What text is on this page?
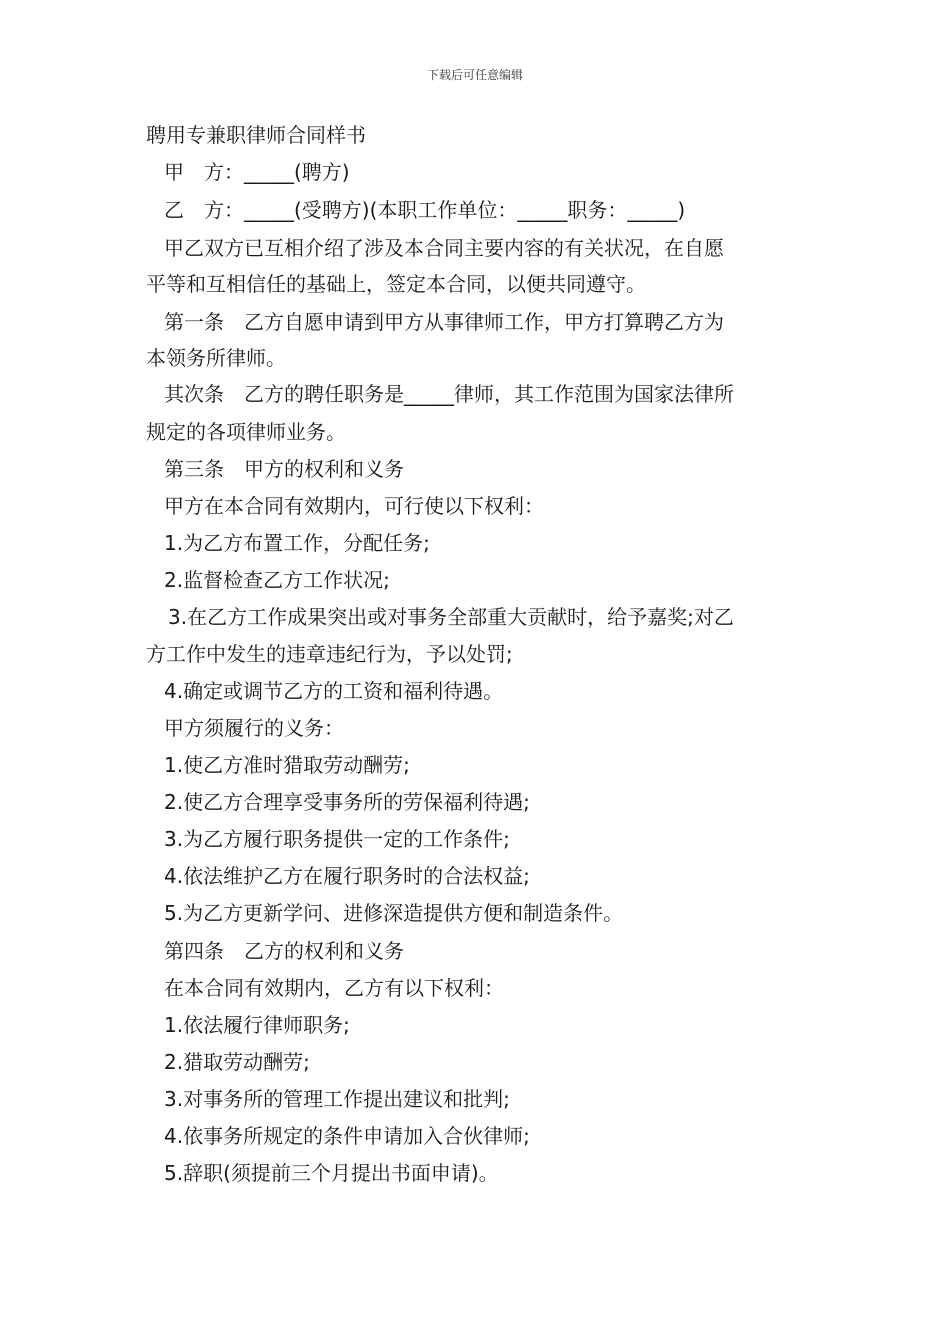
下载后可任意编辑
聘用专兼职律师合同样书
甲　方：_____(聘方)
乙　方：_____(受聘方)(本职工作单位：_____职务：_____)
甲乙双方已互相介绍了涉及本合同主要内容的有关状况，在自愿
平等和互相信任的基础上，签定本合同，以便共同遵守。
第一条　乙方自愿申请到甲方从事律师工作，甲方打算聘乙方为
本领务所律师。
其次条　乙方的聘任职务是_____律师，其工作范围为国家法律所
规定的各项律师业务。
第三条　甲方的权利和义务
甲方在本合同有效期内，可行使以下权利：
1.为乙方布置工作，分配任务;
2.监督检查乙方工作状况;
3.在乙方工作成果突出或对事务全部重大贡献时，给予嘉奖;对乙
方工作中发生的违章违纪行为，予以处罚;
4.确定或调节乙方的工资和福利待遇。
甲方须履行的义务：
1.使乙方准时猎取劳动酬劳;
2.使乙方合理享受事务所的劳保福利待遇;
3.为乙方履行职务提供一定的工作条件;
4.依法维护乙方在履行职务时的合法权益;
5.为乙方更新学问、进修深造提供方便和制造条件。
第四条　乙方的权利和义务
在本合同有效期内，乙方有以下权利：
1.依法履行律师职务;
2.猎取劳动酬劳;
3.对事务所的管理工作提出建议和批判;
4.依事务所规定的条件申请加入合伙律师;
5.辞职(须提前三个月提出书面申请)。
